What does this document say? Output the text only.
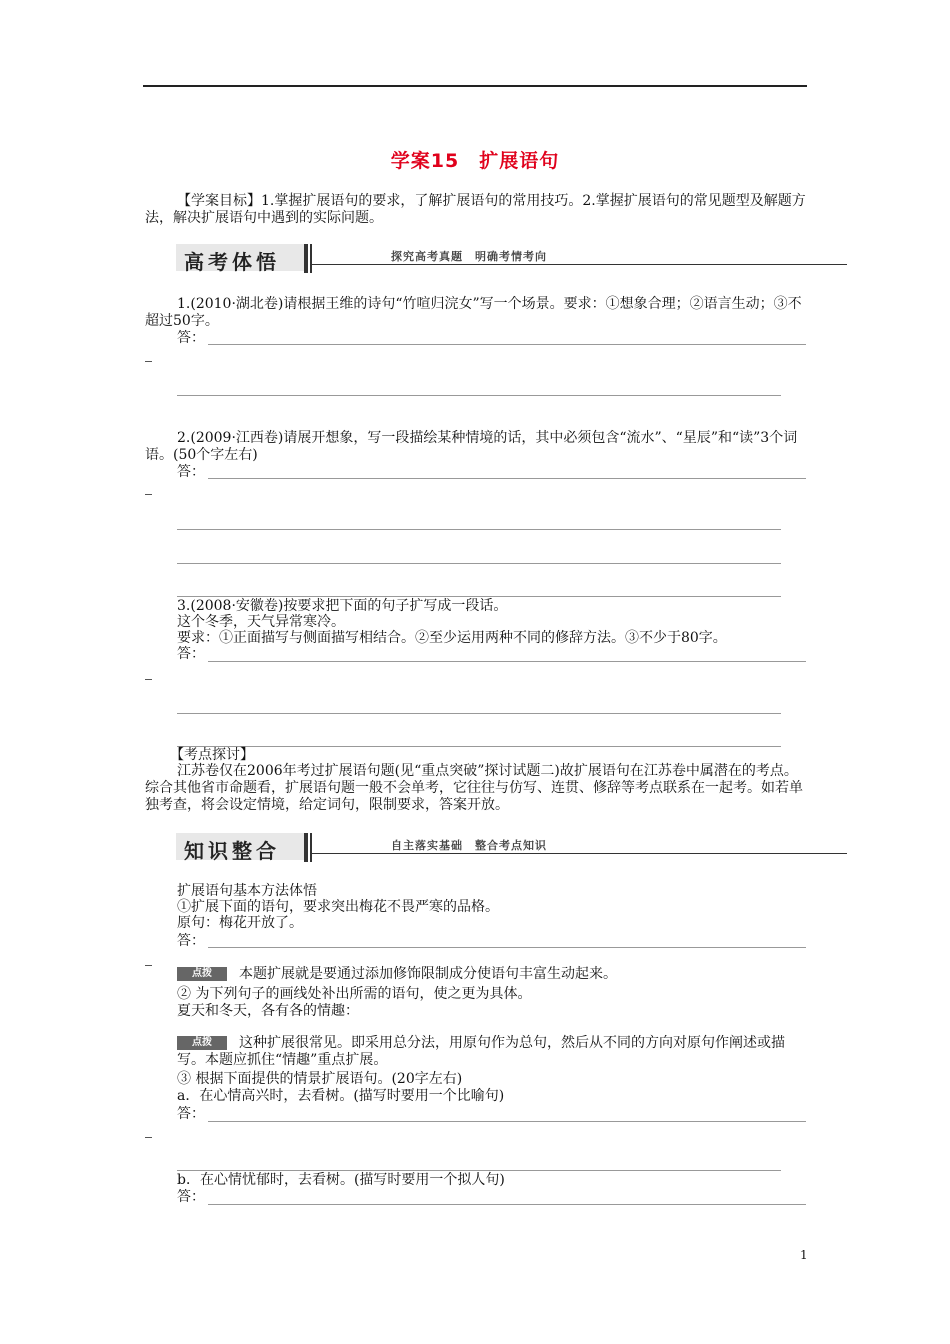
学案15　扩展语句
【学案目标】1.掌握扩展语句的要求，了解扩展语句的常用技巧。2.掌握扩展语句的常见题型及解题方法，解决扩展语句中遇到的实际问题。
高考体悟	探究高考真题　明确考情考向
1.(2010·湖北卷)请根据王维的诗句“竹喧归浣女”写一个场景。要求：①想象合理；②语言生动；③不超过50字。
答：
2.(2009·江西卷)请展开想象，写一段描绘某种情境的话，其中必须包含“流水”、“星辰”和“读”3个词语。(50个字左右)
答：
3.(2008·安徽卷)按要求把下面的句子扩写成一段话。
这个冬季，天气异常寒冷。
要求：①正面描写与侧面描写相结合。②至少运用两种不同的修辞方法。③不少于80字。
答：
【考点探讨】
江苏卷仅在2006年考过扩展语句题(见“重点突破”探讨试题二)故扩展语句在江苏卷中属潜在的考点。综合其他省市命题看，扩展语句题一般不会单考，它往往与仿写、连贯、修辞等考点联系在一起考。如若单独考查，将会设定情境，给定词句，限制要求，答案开放。
知识整合	自主落实基础　整合考点知识
扩展语句基本方法体悟
①扩展下面的语句，要求突出梅花不畏严寒的品格。
原句：梅花开放了。
答：
点拨 本题扩展就是要通过添加修饰限制成分使语句丰富生动起来。
② 为下列句子的画线处补出所需的语句，使之更为具体。
夏天和冬天，各有各的情趣：
点拨 这种扩展很常见。即采用总分法，用原句作为总句，然后从不同的方向对原句作阐述或描写。本题应抓住“情趣”重点扩展。
③ 根据下面提供的情景扩展语句。(20字左右)
a．在心情高兴时，去看树。(描写时要用一个比喻句)
答：
b．在心情忧郁时，去看树。(描写时要用一个拟人句)
答：
1
